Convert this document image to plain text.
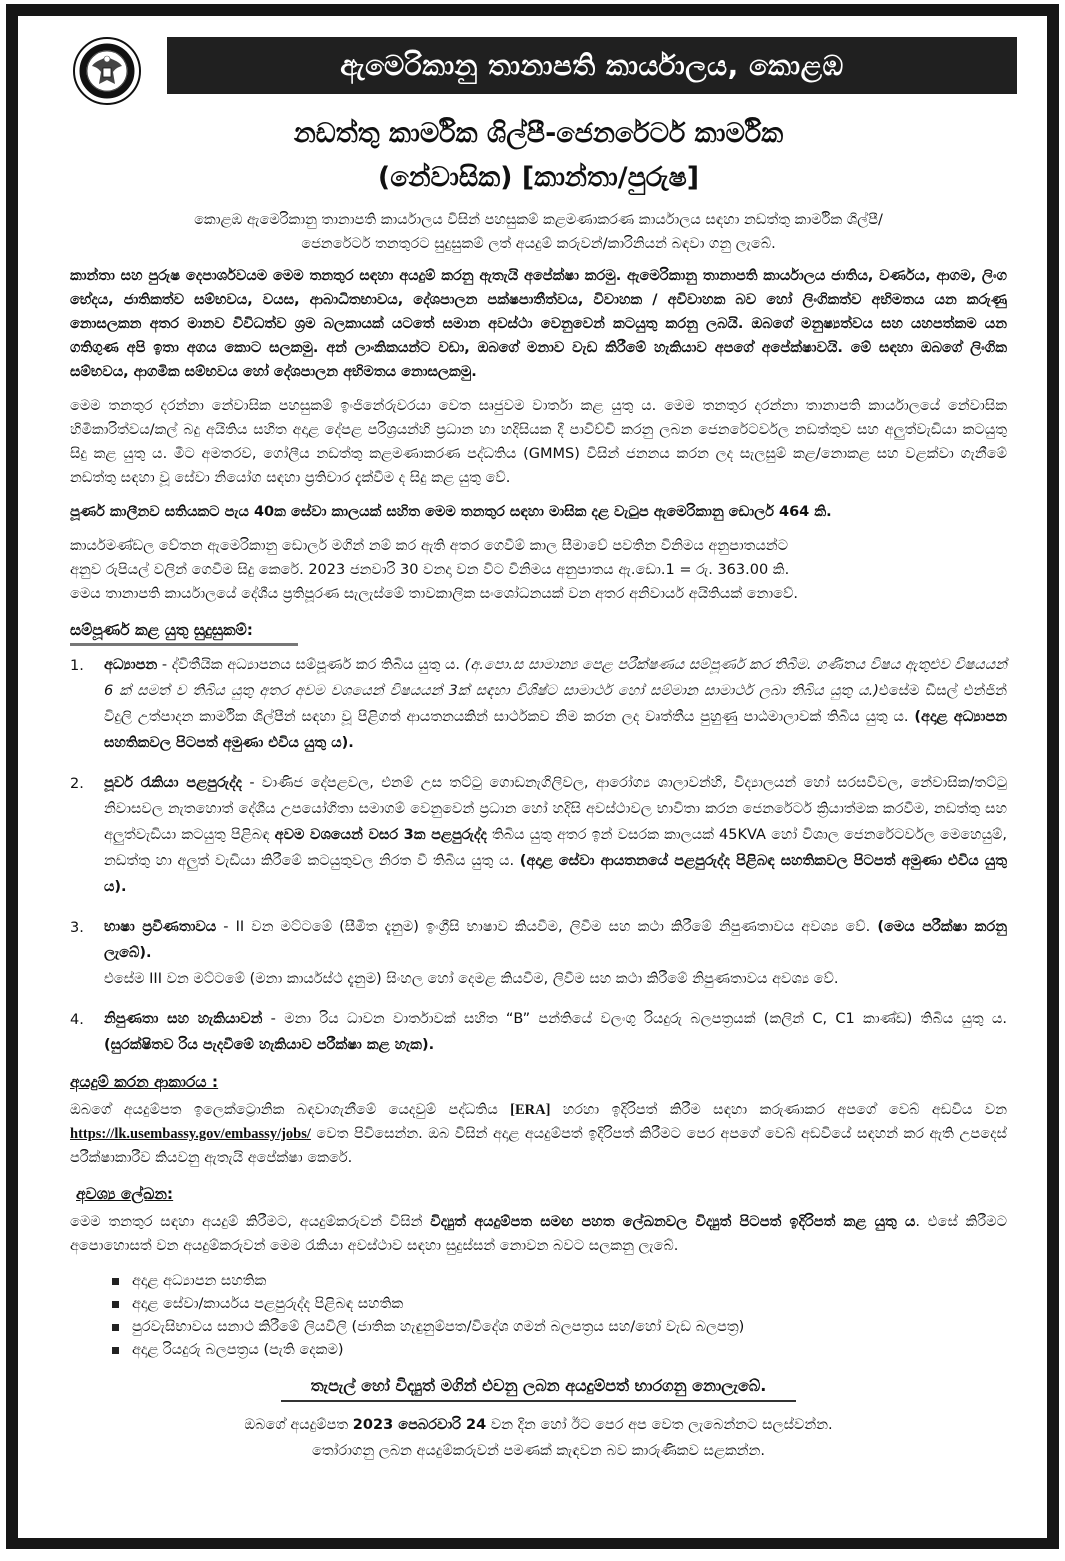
ඇමෙරිකානු තානාපති කාර්යාලය, කොළඹ
නඩත්තු කාර්මික ශිල්පී-ජෙනරේටර් කාර්මික
(නේවාසික) [කාන්තා/පුරුෂ]
කොළඹ ඇමෙරිකානු තානාපති කාර්යාලය විසින් පහසුකම් කළමණාකරණ කාර්යාලය සඳහා නඩත්තු කාර්මික ශිල්පී/
ජෙනරේටර් තනතුරට සුදුසුකම් ලත් අයදුම් කරුවන්/කාරිනියන් බඳවා ගනු ලැබේ.
කාන්තා සහ පුරුෂ දෙපාර්ශවයම මෙම තනතුර සඳහා අයදුම් කරනු ඇතැයි අපේක්ෂා කරමු. ඇමෙරිකානු තානාපති කාර්යාලය ජාතිය, වර්ණය, ආගම, ලිංග භේදය, ජාතිකත්ව සම්භවය, වයස, ආබාධිතභාවය, දේශපාලන පක්ෂපාතීත්වය, විවාහක / අවිවාහක බව හෝ ලිංගිකත්ව අභිමතය යන කරුණු නොසලකන අතර මානව විවිධත්ව ශ්‍රම බලකායක් යටතේ සමාන අවස්ථා වෙනුවෙන් කටයුතු කරනු ලබයි. ඔබගේ මනුෂ්‍යත්වය සහ යහපත්කම යන ගතිගුණ අපි ඉතා අගය කොට සලකමු. අන් ලාංකිකයන්ට වඩා, ඔබගේ මනාව වැඩ කිරීමේ හැකියාව අපගේ අපේක්ෂාවයි. මේ සඳහා ඔබගේ ලිංගික සම්භවය, ආගමික සම්භවය හෝ දේශපාලන අභිමතය නොසලකමු.
මෙම තනතුර දරන්නා නේවාසික පහසුකම් ඉංජිනේරුවරයා වෙත සෘජුවම වාර්තා කළ යුතු ය. මෙම තනතුර දරන්නා තානාපති කාර්යාලයේ නේවාසික හිමිකාරිත්වය/කල් බදු අයිතිය සහිත අදාළ දේපළ පරිශ්‍රයන්හි ප්‍රධාන හා හදිසියක දී පාවිච්චි කරනු ලබන ජෙනරේටර්වල නඩත්තුව සහ අලුත්වැඩියා කටයුතු සිදු කළ යුතු ය. මීට අමතරව, ගෝලීය නඩත්තු කළමණාකරණ පද්ධතිය (GMMS) විසින් ජනනය කරන ලද සැලසුම් කළ/නොකළ සහ වළක්වා ගැනීමේ නඩත්තු සඳහා වූ සේවා නියෝග සඳහා ප්‍රතිචාර දැක්වීම ද සිදු කළ යුතු වේ.
පූර්ණ කාලීනව සතියකට පැය 40ක සේවා කාලයක් සහිත මෙම තනතුර සඳහා මාසික දළ වැටුප ඇමෙරිකානු ඩොලර් 464 කි.
කාර්යමණ්ඩල වේතන ඇමෙරිකානු ඩොලර් මගින් නම් කර ඇති අතර ගෙවීම් කාල සීමාවේ පවතින විනිමය අනුපාතයන්ට
අනුව රුපියල් වලින් ගෙවීම සිදු කෙරේ. 2023 ජනවාරි 30 වනදා වන විට විනිමය අනුපාතය ඇ.ඩො.1 = රු. 363.00 කි.
මෙය තානාපති කාර්යාලයේ දේශීය ප්‍රතිපූරණ සැලැස්මේ තාවකාලික සංශෝධනයක් වන අතර අනිවාර්ය අයිතියක් නොවේ.
සම්පූර්ණ කළ යුතු සුදුසුකම්:
1.	අධ්‍යාපන - ද්විතීයික අධ්‍යාපනය සම්පූර්ණ කර තිබිය යුතු ය. (අ.පො.ස සාමාන්‍ය පෙළ පරීක්ෂණය සම්පූර්ණ කර තිබීම. ගණිතය විෂය ඇතුළුව විෂයයන් 6 ක් සමත් ව තිබිය යුතු අතර අවම වශයෙන් විෂයයන් 3ක් සඳහා විශිෂ්ට සාමාර්ථ හෝ සම්මාන සාමාර්ථ ලබා තිබිය යුතු ය.)එසේම ඩීසල් එන්ජින් විදුලි උත්පාදන කාර්මික ශිල්පීන් සඳහා වූ පිළිගත් ආයතනයකින් සාර්ථකව නිම කරන ලද වෘත්තීය පුහුණු පාඨමාලාවක් තිබිය යුතු ය. (අදාළ අධ්‍යාපන සහතිකවල පිටපත් අමුණා එවිය යුතු ය).
2.	පූර්ව රැකියා පළපුරුද්ද - වාණිජ දේපළවල, එනම් උස තට්ටු ගොඩනැගිලිවල, ආරෝග්‍ය ශාලාවන්හි, විද්‍යාලයන් හෝ සරසවිවල, නේවාසික/තට්ටු නිවාසවල නැතහොත් දේශීය උපයෝගිතා සමාගම් වෙනුවෙන් ප්‍රධාන හෝ හදිසි අවස්ථාවල භාවිතා කරන ජෙනරේටර් ක්‍රියාත්මක කරවීම, නඩත්තු සහ අලුත්වැඩියා කටයුතු පිළිබඳ අවම වශයෙන් වසර 3ක පළපුරුද්ද තිබිය යුතු අතර ඉන් වසරක කාලයක් 45KVA හෝ විශාල ජෙනරේටර්වල මෙහෙයුම්, නඩත්තු හා අලුත් වැඩියා කිරීමේ කටයුතුවල නිරත වී තිබිය යුතු ය. (අදාළ සේවා ආයතනයේ පළපුරුද්ද පිළිබඳ සහතිකවල පිටපත් අමුණා එවිය යුතු ය).
3.	භාෂා ප්‍රවීණතාවය - II වන මට්ටමේ (සීමිත දැනුම) ඉංග්‍රීසි භාෂාව කියවීම, ලිවීම සහ කථා කිරීමේ නිපුණතාවය අවශ්‍ය වේ. (මෙය පරීක්ෂා කරනු ලැබේ).
එසේම III වන මට්ටමේ (මනා කාර්යස්ථ දැනුම) සිංහල හෝ දෙමළ කියවීම, ලිවීම සහ කථා කිරීමේ නිපුණතාවය අවශ්‍ය වේ.
4.	නිපුණතා සහ හැකියාවන් - මනා රිය ධාවන වාර්තාවක් සහිත “B” පන්තියේ වලංගු රියදුරු බලපත්‍රයක් (කලින් C, C1 කාණ්ඩ) තිබිය යුතු ය. (සුරක්ෂිතව රිය පැදවීමේ හැකියාව පරීක්ෂා කළ හැක).
අයදුම් කරන ආකාරය :
ඔබගේ අයදුම්පත ඉලෙක්ට්‍රොනික බඳවාගැනීමේ යෙදවුම් පද්ධතිය [ERA] හරහා ඉදිරිපත් කිරීම සඳහා කරුණාකර අපගේ වෙබ් අඩවිය වන https://lk.usembassy.gov/embassy/jobs/ වෙත පිවිසෙන්න. ඔබ විසින් අදාළ අයදුම්පත් ඉදිරිපත් කිරීමට පෙර අපගේ වෙබ් අඩවියේ සඳහන් කර ඇති උපදෙස් පරීක්ෂාකාරීව කියවනු ඇතැයි අපේක්ෂා කෙරේ.
අවශ්‍ය ලේඛන:
මෙම තනතුර සඳහා අයදුම් කිරීමට, අයදුම්කරුවන් විසින් විද්‍යුත් අයදුම්පත සමඟ පහත ලේඛනවල විද්‍යුත් පිටපත් ඉදිරිපත් කළ යුතු ය. එසේ කිරීමට අපොහොසත් වන අයදුම්කරුවන් මෙම රැකියා අවස්ථාව සඳහා සුදුස්සන් නොවන බවට සලකනු ලැබේ.
අදාළ අධ්‍යාපන සහතික
අදාළ සේවා/කාර්යය පළපුරුද්ද පිළිබඳ සහතික
පුරවැසිභාවය සනාථ කිරීමේ ලියවිලි (ජාතික හැඳුනුම්පත/විදේශ ගමන් බලපත්‍රය සහ/හෝ වැඩ බලපත්‍ර)
අදාළ රියදුරු බලපත්‍රය (පැති දෙකම)
තැපැල් හෝ විද්‍යුත් මගින් එවනු ලබන අයදුම්පත් භාරගනු නොලැබේ.
ඔබගේ අයදුම්පත 2023 පෙබරවාරි 24 වන දින හෝ ඊට පෙර අප වෙත ලැබෙන්නට සලස්වන්න.
තෝරාගනු ලබන අයදුම්කරුවන් පමණක් කැඳවන බව කාරුණිකව සළකන්න.
